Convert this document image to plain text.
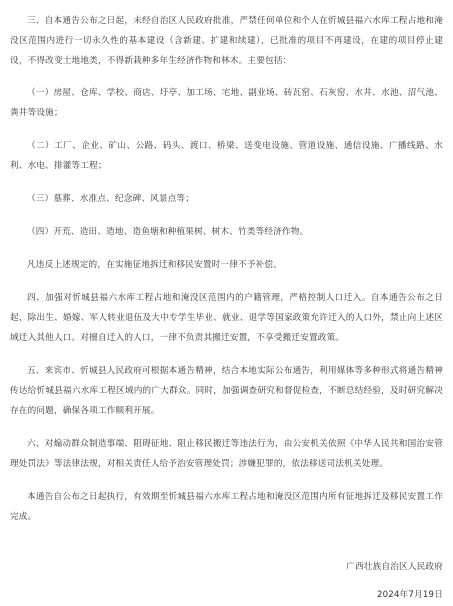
三、自本通告公布之日起，未经自治区人民政府批准，严禁任何单位和个人在忻城县福六水库工程占地和淹没区范围内进行一切永久性的基本建设（含新建、扩建和续建），已批准的项目不再建设，在建的项目停止建设，不得改变土地地类，不得新栽种多年生经济作物和林木。主要包括：

（一）房屋、仓库、学校、商店、圩亭、加工场、宅地、副业场、砖瓦窑、石灰窑、水井、水池、沼气池、粪井等设施；

（二）工厂、企业、矿山、公路、码头、渡口、桥梁、送变电设施、管道设施、通信设施、广播线路、水利、水电、排灌等工程；

（三）墓葬、水准点、纪念碑、风景点等；

（四）开荒、造田、造地、造鱼塘和种植果树、树木、竹类等经济作物。

凡违反上述规定的，在实施征地拆迁和移民安置时一律不予补偿。

四、加强对忻城县福六水库工程占地和淹没区范围内的户籍管理，严格控制人口迁入。自本通告公布之日起，除出生、婚嫁、军人转业退伍及大中专学生毕业、就业、退学等国家政策允许迁入的人口外，禁止向上述区域迁入其他人口。对擅自迁入的人口，一律不负责其搬迁安置，不享受搬迁安置政策。

五、来宾市、忻城县人民政府可根据本通告精神，结合本地实际公布通告，利用媒体等多种形式将通告精神传达给忻城县福六水库工程区域内的广大群众。同时，加强调查研究和督促检查，不断总结经验，及时研究解决存在的问题，确保各项工作顺利开展。

六、对煽动群众制造事端、阻碍征地、阻止移民搬迁等违法行为，由公安机关依照《中华人民共和国治安管理处罚法》等法律法规，对相关责任人给予治安管理处罚；涉嫌犯罪的，依法移送司法机关处理。

本通告自公布之日起执行，有效期至忻城县福六水库工程占地和淹没区范围内所有征地拆迁及移民安置工作完成。

广西壮族自治区人民政府
2024年7月19日
